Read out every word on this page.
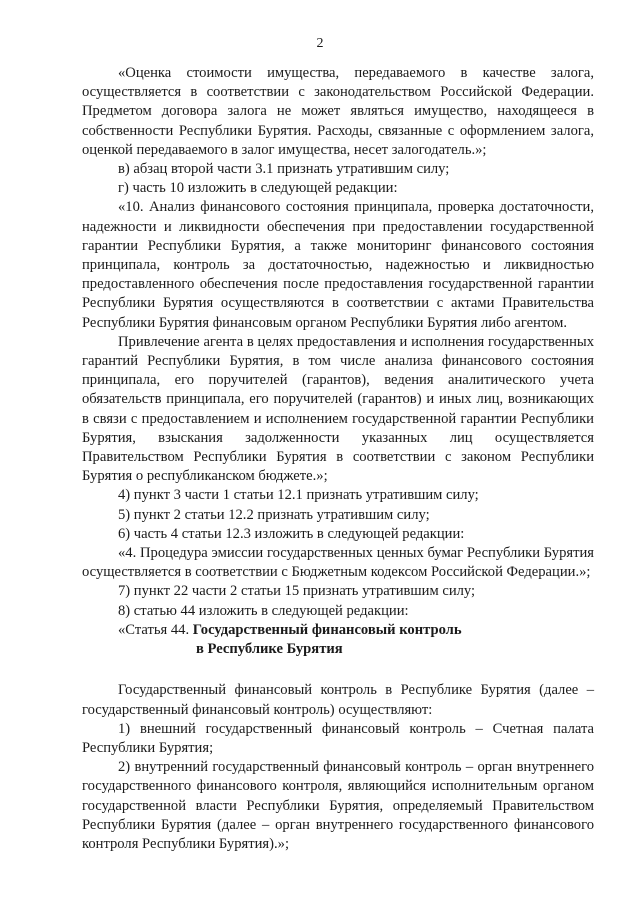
2

«Оценка стоимости имущества, передаваемого в качестве залога, осуществляется в соответствии с законодательством Российской Федерации. Предметом договора залога не может являться имущество, находящееся в собственности Республики Бурятия. Расходы, связанные с оформлением залога, оценкой передаваемого в залог имущества, несет залогодатель.»;

в) абзац второй части 3.1 признать утратившим силу;

г) часть 10 изложить в следующей редакции:

«10. Анализ финансового состояния принципала, проверка достаточности, надежности и ликвидности обеспечения при предоставлении государственной гарантии Республики Бурятия, а также мониторинг финансового состояния принципала, контроль за достаточностью, надежностью и ликвидностью предоставленного обеспечения после предоставления государственной гарантии Республики Бурятия осуществляются в соответствии с актами Правительства Республики Бурятия финансовым органом Республики Бурятия либо агентом.

Привлечение агента в целях предоставления и исполнения государственных гарантий Республики Бурятия, в том числе анализа финансового состояния принципала, его поручителей (гарантов), ведения аналитического учета обязательств принципала, его поручителей (гарантов) и иных лиц, возникающих в связи с предоставлением и исполнением государственной гарантии Республики Бурятия, взыскания задолженности указанных лиц осуществляется Правительством Республики Бурятия в соответствии с законом Республики Бурятия о республиканском бюджете.»;

4) пункт 3 части 1 статьи 12.1 признать утратившим силу;

5) пункт 2 статьи 12.2 признать утратившим силу;

6) часть 4 статьи 12.3 изложить в следующей редакции:

«4. Процедура эмиссии государственных ценных бумаг Республики Бурятия осуществляется в соответствии с Бюджетным кодексом Российской Федерации.»;

7) пункт 22 части 2 статьи 15 признать утратившим силу;

8) статью 44 изложить в следующей редакции:

«Статья 44. Государственный финансовый контроль
в Республике Бурятия

Государственный финансовый контроль в Республике Бурятия (далее – государственный финансовый контроль) осуществляют:

1) внешний государственный финансовый контроль – Счетная палата Республики Бурятия;

2) внутренний государственный финансовый контроль – орган внутреннего государственного финансового контроля, являющийся исполнительным органом государственной власти Республики Бурятия, определяемый Правительством Республики Бурятия (далее – орган внутреннего государственного финансового контроля Республики Бурятия).»;
